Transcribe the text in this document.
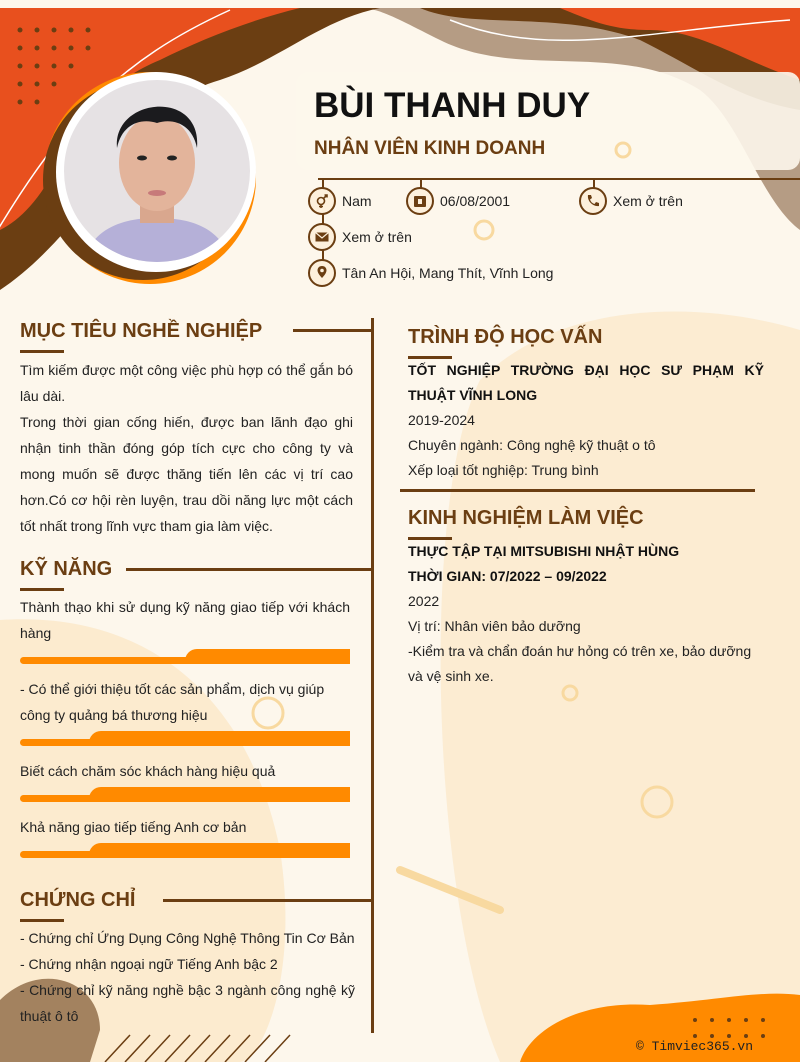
BÙI THANH DUY
NHÂN VIÊN KINH DOANH
Nam	06/08/2001	Xem ở trên
Xem ở trên
Tân An Hội, Mang Thít, Vĩnh Long
MỤC TIÊU NGHỀ NGHIỆP
Tìm kiếm được một công việc phù hợp có thể gắn bó lâu dài.
Trong thời gian cống hiến, được ban lãnh đạo ghi nhận tinh thần đóng góp tích cực cho công ty và mong muốn sẽ được thăng tiến lên các vị trí cao hơn.Có cơ hội rèn luyện, trau dồi năng lực một cách tốt nhất trong lĩnh vực tham gia làm việc.
KỸ NĂNG
Thành thạo khi sử dụng kỹ năng giao tiếp với khách hàng
- Có thể giới thiệu tốt các sản phẩm, dịch vụ giúp công ty quảng bá thương hiệu
Biết cách chăm sóc khách hàng hiệu quả
Khả năng giao tiếp tiếng Anh cơ bản
CHỨNG CHỈ
- Chứng chỉ Ứng Dụng Công Nghệ Thông Tin Cơ Bản
- Chứng nhận ngoại ngữ Tiếng Anh bậc 2
- Chứng chỉ kỹ năng nghề bậc 3 ngành công nghệ kỹ thuật ô tô
TRÌNH ĐỘ HỌC VẤN
TỐT NGHIỆP TRƯỜNG ĐẠI HỌC SƯ PHẠM KỸ THUẬT VĨNH LONG
2019-2024
Chuyên ngành: Công nghệ kỹ thuật o tô
Xếp loại tốt nghiệp: Trung bình
KINH NGHIỆM LÀM VIỆC
THỰC TẬP TẠI MITSUBISHI NHẬT HÙNG
THỜI GIAN: 07/2022 – 09/2022
2022
Vị trí: Nhân viên bảo dưỡng
-Kiểm tra và chẩn đoán hư hỏng có trên xe, bảo dưỡng và vệ sinh xe.
© Timviec365.vn
